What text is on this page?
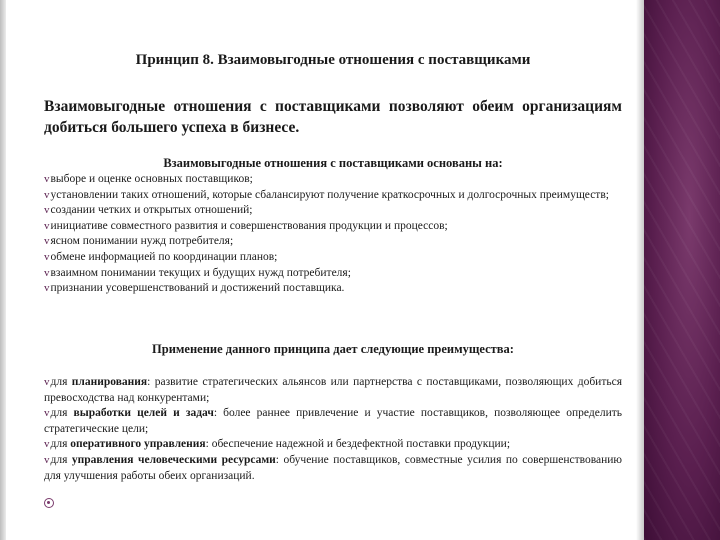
Принцип 8. Взаимовыгодные отношения с поставщиками
Взаимовыгодные отношения с поставщиками позволяют обеим организациям добиться большего успеха в бизнесе.
Взаимовыгодные отношения с поставщиками основаны на:
vвыборе и оценке основных поставщиков;
vустановлении таких отношений, которые сбалансируют получение краткосрочных и долгосрочных преимуществ;
vсоздании четких и открытых отношений;
vинициативе совместного развития и совершенствования продукции и процессов;
vясном понимании нужд потребителя;
vобмене информацией по координации планов;
vвзаимном понимании текущих и будущих нужд потребителя;
vпризнании усовершенствований и достижений поставщика.
Применение данного принципа дает следующие преимущества:
vдля планирования: развитие стратегических альянсов или партнерства с поставщиками, позволяющих добиться превосходства над конкурентами;
vдля выработки целей и задач: более раннее привлечение и участие поставщиков, позволяющее определить стратегические цели;
vдля оперативного управления: обеспечение надежной и бездефектной поставки продукции;
vдля управления человеческими ресурсами: обучение поставщиков, совместные усилия по совершенствованию для улучшения работы обеих организаций.
